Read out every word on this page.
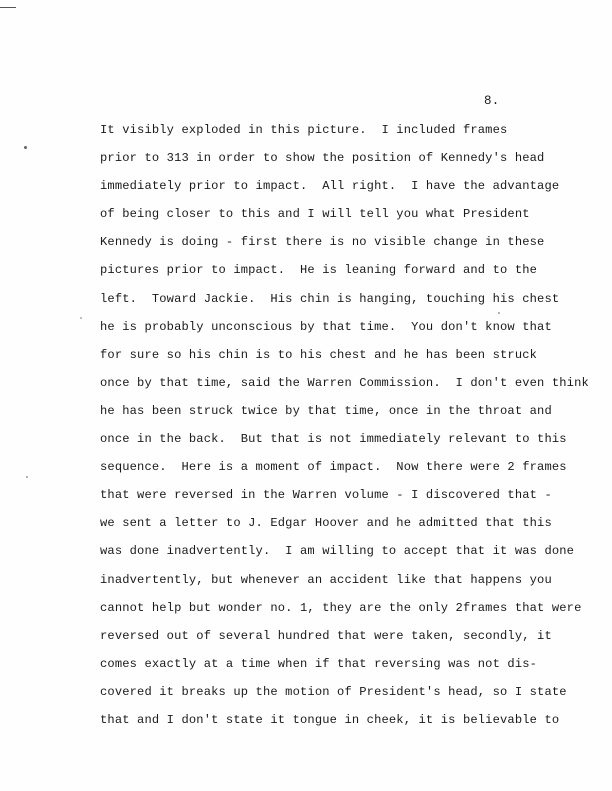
8.
It visibly exploded in this picture.  I included frames
prior to 313 in order to show the position of Kennedy's head
immediately prior to impact.  All right.  I have the advantage
of being closer to this and I will tell you what President
Kennedy is doing - first there is no visible change in these
pictures prior to impact.  He is leaning forward and to the
left.  Toward Jackie.  His chin is hanging, touching his chest
he is probably unconscious by that time.  You don't know that
for sure so his chin is to his chest and he has been struck
once by that time, said the Warren Commission.  I don't even think
he has been struck twice by that time, once in the throat and
once in the back.  But that is not immediately relevant to this
sequence.  Here is a moment of impact.  Now there were 2 frames
that were reversed in the Warren volume - I discovered that -
we sent a letter to J. Edgar Hoover and he admitted that this
was done inadvertently.  I am willing to accept that it was done
inadvertently, but whenever an accident like that happens you
cannot help but wonder no. 1, they are the only 2frames that were
reversed out of several hundred that were taken, secondly, it
comes exactly at a time when if that reversing was not dis-
covered it breaks up the motion of President's head, so I state
that and I don't state it tongue in cheek, it is believable to
